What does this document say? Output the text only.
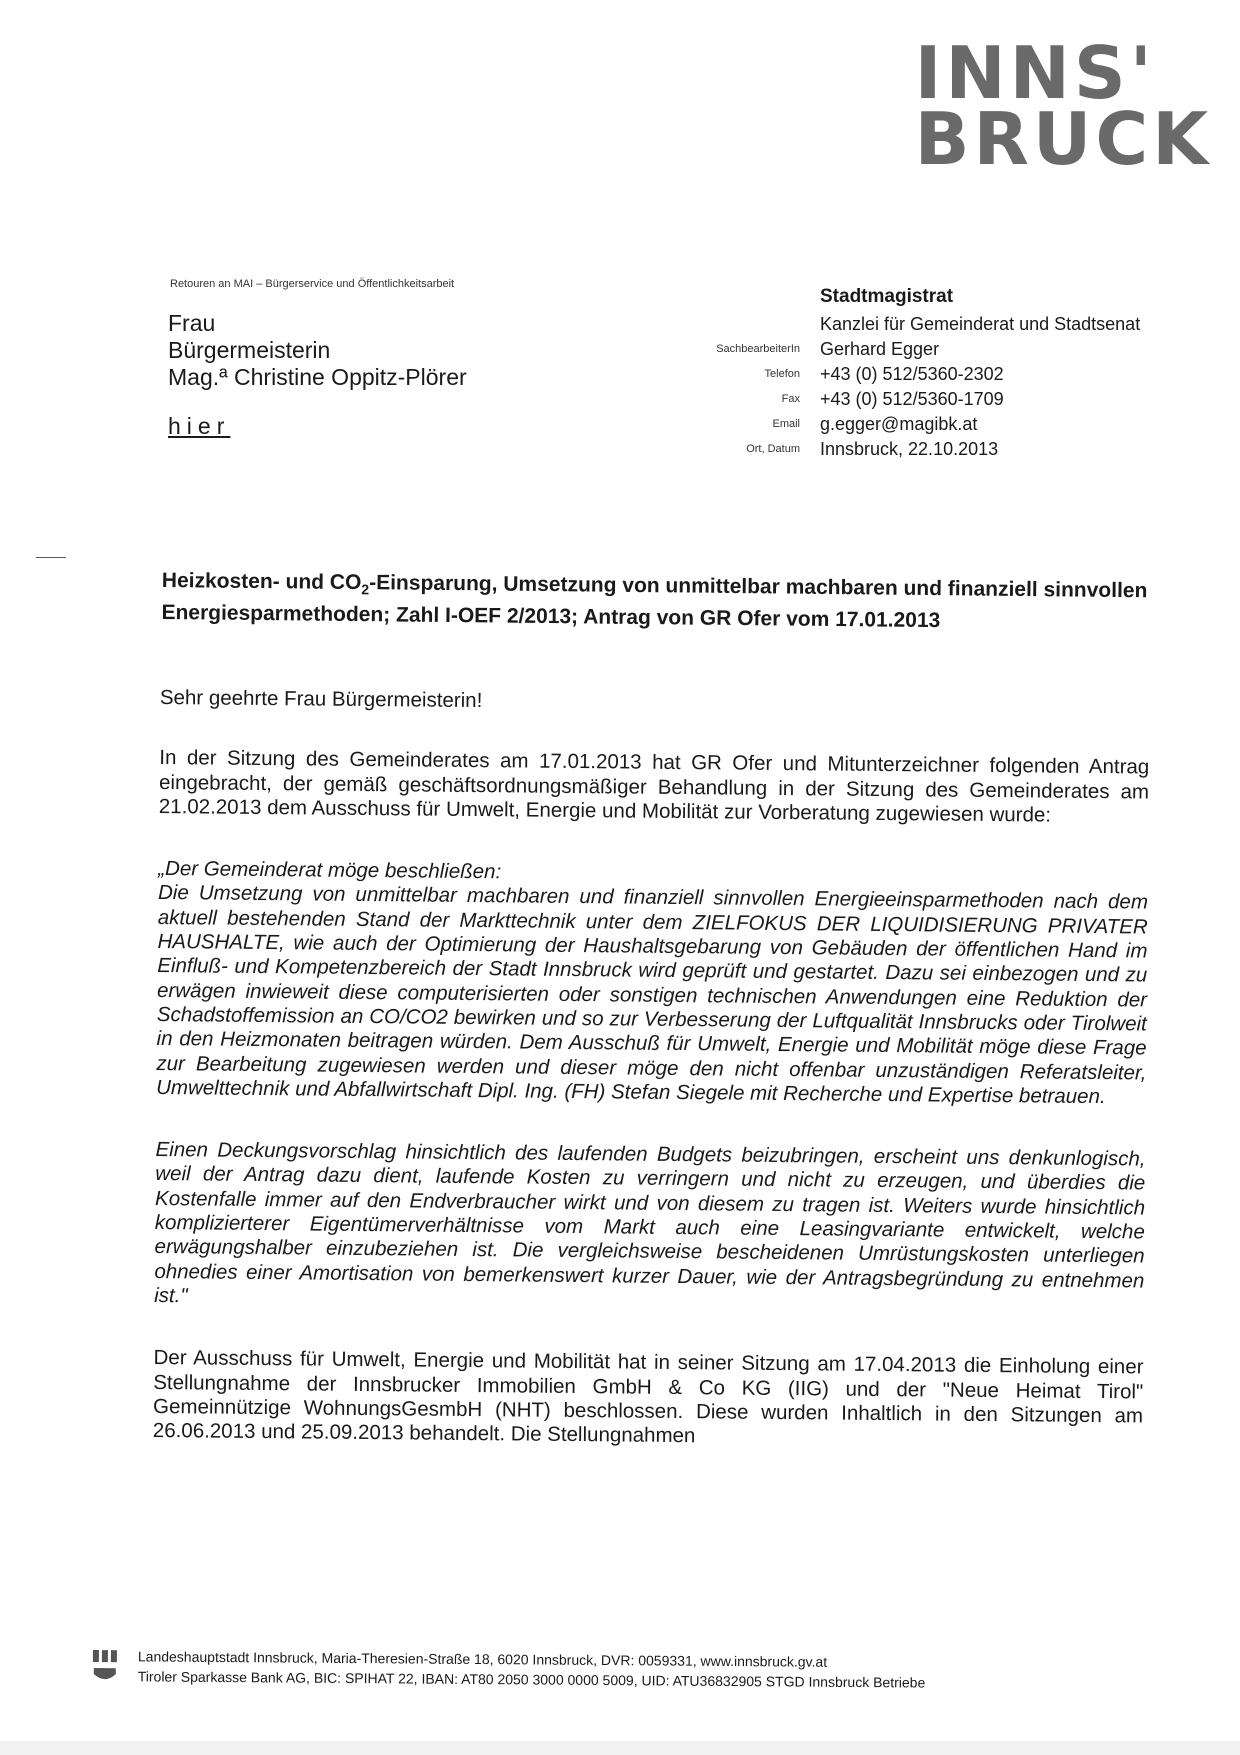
INNS'
BRUCK
Retouren an MAI – Bürgerservice und Öffentlichkeitsarbeit
Frau
Bürgermeisterin
Mag.ª Christine Oppitz-Plörer
hier
Stadtmagistrat
Kanzlei für Gemeinderat und Stadtsenat
SachbearbeiterIn Gerhard Egger
Telefon +43 (0) 512/5360-2302
Fax +43 (0) 512/5360-1709
Email g.egger@magibk.at
Ort, Datum Innsbruck, 22.10.2013
Heizkosten- und $CO_2$-Einsparung, Umsetzung von unmittelbar machbaren und finanziell sinnvollen Energiesparmethoden; Zahl I-OEF 2/2013; Antrag von GR Ofer vom 17.01.2013

Sehr geehrte Frau Bürgermeisterin!

In der Sitzung des Gemeinderates am 17.01.2013 hat GR Ofer und Mitunterzeichner folgenden Antrag eingebracht, der gemäß geschäftsordnungsmäßiger Behandlung in der Sitzung des Gemeinderates am 21.02.2013 dem Ausschuss für Umwelt, Energie und Mobilität zur Vorberatung zugewiesen wurde:

„Der Gemeinderat möge beschließen:

Die Umsetzung von unmittelbar machbaren und finanziell sinnvollen Energieeinsparmethoden nach dem aktuell bestehenden Stand der Markttechnik unter dem ZIELFOKUS DER LIQUIDISIERUNG PRIVATER HAUSHALTE, wie auch der Optimierung der Haushaltsgebarung von Gebäuden der öffentlichen Hand im Einfluß- und Kompetenzbereich der Stadt Innsbruck wird geprüft und gestartet. Dazu sei einbezogen und zu erwägen inwieweit diese computerisierten oder sonstigen technischen Anwendungen eine Reduktion der Schadstoffemission an CO/CO2 bewirken und so zur Verbesserung der Luftqualität Innsbrucks oder Tirolweit in den Heizmonaten beitragen würden. Dem Ausschuß für Umwelt, Energie und Mobilität möge diese Frage zur Bearbeitung zugewiesen werden und dieser möge den nicht offenbar unzuständigen Referatsleiter, Umwelttechnik und Abfallwirtschaft Dipl. Ing. (FH) Stefan Siegele mit Recherche und Expertise betrauen.

Einen Deckungsvorschlag hinsichtlich des laufenden Budgets beizubringen, erscheint uns denkunlogisch, weil der Antrag dazu dient, laufende Kosten zu verringern und nicht zu erzeugen, und überdies die Kostenfalle immer auf den Endverbraucher wirkt und von diesem zu tragen ist. Weiters wurde hinsichtlich komplizierterer Eigentümerverhältnisse vom Markt auch eine Leasingvariante entwickelt, welche erwägungshalber einzubeziehen ist. Die vergleichsweise bescheidenen Umrüstungskosten unterliegen ohnedies einer Amortisation von bemerkenswert kurzer Dauer, wie der Antragsbegründung zu entnehmen ist."

Der Ausschuss für Umwelt, Energie und Mobilität hat in seiner Sitzung am 17.04.2013 die Einholung einer Stellungnahme der Innsbrucker Immobilien GmbH & Co KG (IIG) und der "Neue Heimat Tirol" Gemeinnützige WohnungsGesmbH (NHT) beschlossen. Diese wurden Inhaltlich in den Sitzungen am 26.06.2013 und 25.09.2013 behandelt. Die Stellungnahmen

Landeshauptstadt Innsbruck, Maria-Theresien-Straße 18, 6020 Innsbruck, DVR: 0059331, www.innsbruck.gv.at
Tiroler Sparkasse Bank AG, BIC: SPIHAT 22, IBAN: AT80 2050 3000 0000 5009, UID: ATU36832905 STGD Innsbruck Betriebe
